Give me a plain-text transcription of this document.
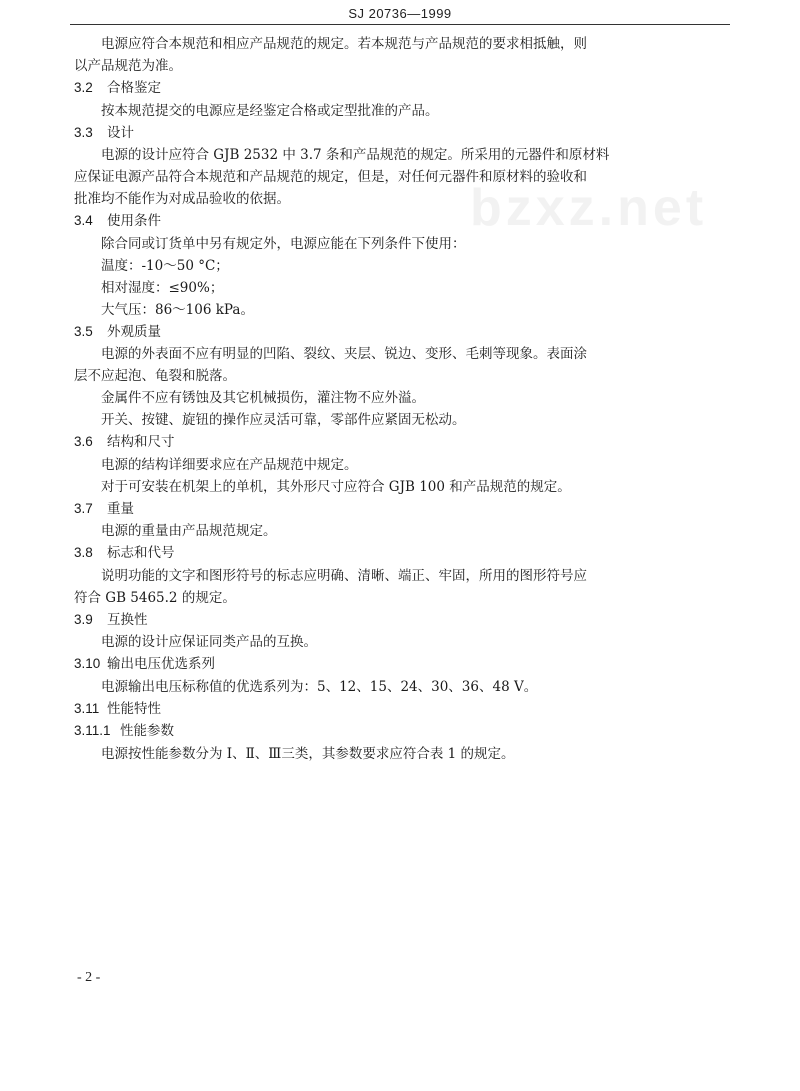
SJ 20736—1999
bzxz.net

电源应符合本规范和相应产品规范的规定。若本规范与产品规范的要求相抵触，则

以产品规范为准。

3.2	合格鉴定

按本规范提交的电源应是经鉴定合格或定型批准的产品。

3.3	设计

电源的设计应符合 GJB 2532 中 3.7 条和产品规范的规定。所采用的元器件和原材料

应保证电源产品符合本规范和产品规范的规定，但是，对任何元器件和原材料的验收和

批准均不能作为对成品验收的依据。

3.4	使用条件

除合同或订货单中另有规定外，电源应能在下列条件下使用：

温度：-10～50 °C；

相对湿度：≤90%；

大气压：86～106 kPa。

3.5	外观质量

电源的外表面不应有明显的凹陷、裂纹、夹层、锐边、变形、毛刺等现象。表面涂

层不应起泡、龟裂和脱落。

金属件不应有锈蚀及其它机械损伤，灌注物不应外溢。

开关、按键、旋钮的操作应灵活可靠，零部件应紧固无松动。

3.6	结构和尺寸

电源的结构详细要求应在产品规范中规定。

对于可安装在机架上的单机，其外形尺寸应符合 GJB 100 和产品规范的规定。

3.7	重量

电源的重量由产品规范规定。

3.8	标志和代号

说明功能的文字和图形符号的标志应明确、清晰、端正、牢固，所用的图形符号应

符合 GB 5465.2 的规定。

3.9	互换性

电源的设计应保证同类产品的互换。

3.10 输出电压优选系列

电源输出电压标称值的优选系列为：5、12、15、24、30、36、48 V。

3.11 性能特性
3.11.1 性能参数

电源按性能参数分为 Ⅰ、Ⅱ、Ⅲ三类，其参数要求应符合表 1 的规定。

- 2 -
